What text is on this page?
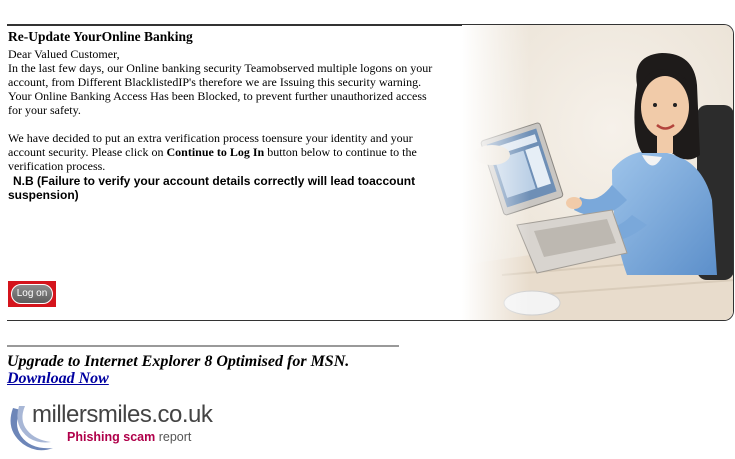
Re-Update YourOnline Banking

Dear Valued Customer,

In the last few days, our Online banking security Teamobserved multiple logons on your
account, from Different BlacklistedIP's therefore we are Issuing this security warning.
Your Online Banking Access Has been Blocked, to prevent further unauthorized access
for your safety.

We have decided to put an extra verification process toensure your identity and your
account security. Please click on Continue to Log In button below to continue to the
verification process.

N.B (Failure to verify your account details correctly will lead toaccount
suspension)
Log on
Upgrade to Internet Explorer 8 Optimised for MSN.
Download Now
millersmiles.co.uk
Phishing scam report
